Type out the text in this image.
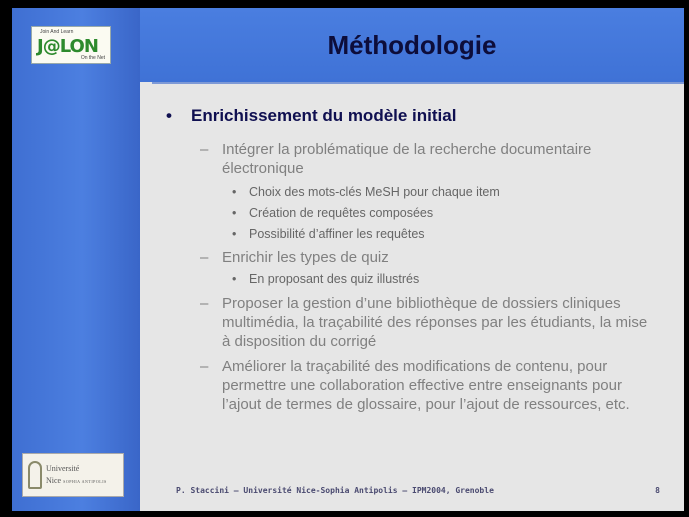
Join And Learn
J@LON
On the Net
Université
Nice SOPHIA ANTIPOLIS
Méthodologie
• Enrichissement du modèle initial
– Intégrer la problématique de la recherche documentaire électronique
• Choix des mots-clés MeSH pour chaque item
• Création de requêtes composées
• Possibilité d’affiner les requêtes
– Enrichir les types de quiz
• En proposant des quiz illustrés
– Proposer la gestion d’une bibliothèque de dossiers cliniques multimédia, la traçabilité des réponses par les étudiants, la mise à disposition du corrigé
– Améliorer la traçabilité des modifications de contenu, pour permettre une collaboration effective entre enseignants pour l’ajout de termes de glossaire, pour l’ajout de ressources, etc.
P. Staccini – Université Nice-Sophia Antipolis – IPM2004, Grenoble	8
